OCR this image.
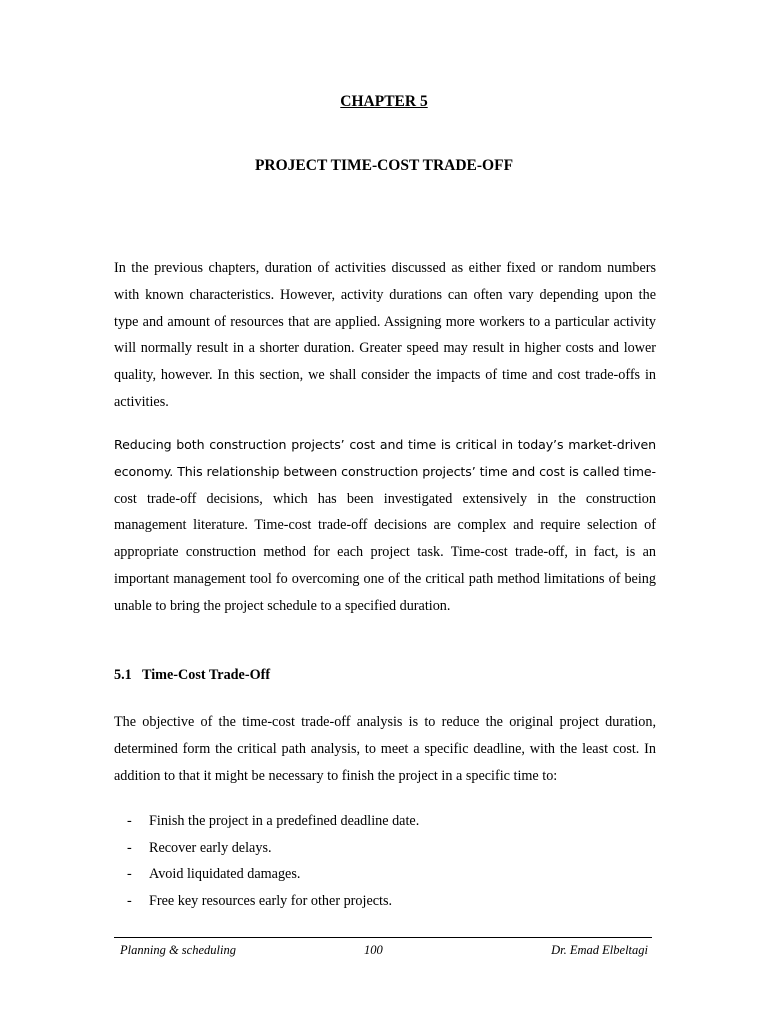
CHAPTER 5
PROJECT TIME-COST TRADE-OFF

In the previous chapters, duration of activities discussed as either fixed or random numbers with known characteristics. However, activity durations can often vary depending upon the type and amount of resources that are applied. Assigning more workers to a particular activity will normally result in a shorter duration. Greater speed may result in higher costs and lower quality, however. In this section, we shall consider the impacts of time and cost trade-offs in activities.

Reducing both construction projects’ cost and time is critical in today’s market-driven economy. This relationship between construction projects’ time and cost is called time- cost trade-off decisions, which has been investigated extensively in the construction management literature. Time-cost trade-off decisions are complex and require selection of appropriate construction method for each project task. Time-cost trade-off, in fact, is an important management tool fo overcoming one of the critical path method limitations of being unable to bring the project schedule to a specified duration.

5.1 Time-Cost Trade-Off

The objective of the time-cost trade-off analysis is to reduce the original project duration, determined form the critical path analysis, to meet a specific deadline, with the least cost. In addition to that it might be necessary to finish the project in a specific time to:

-	Finish the project in a predefined deadline date.
-	Recover early delays.
-	Avoid liquidated damages.
-	Free key resources early for other projects.
Planning & scheduling	100	Dr. Emad Elbeltagi
